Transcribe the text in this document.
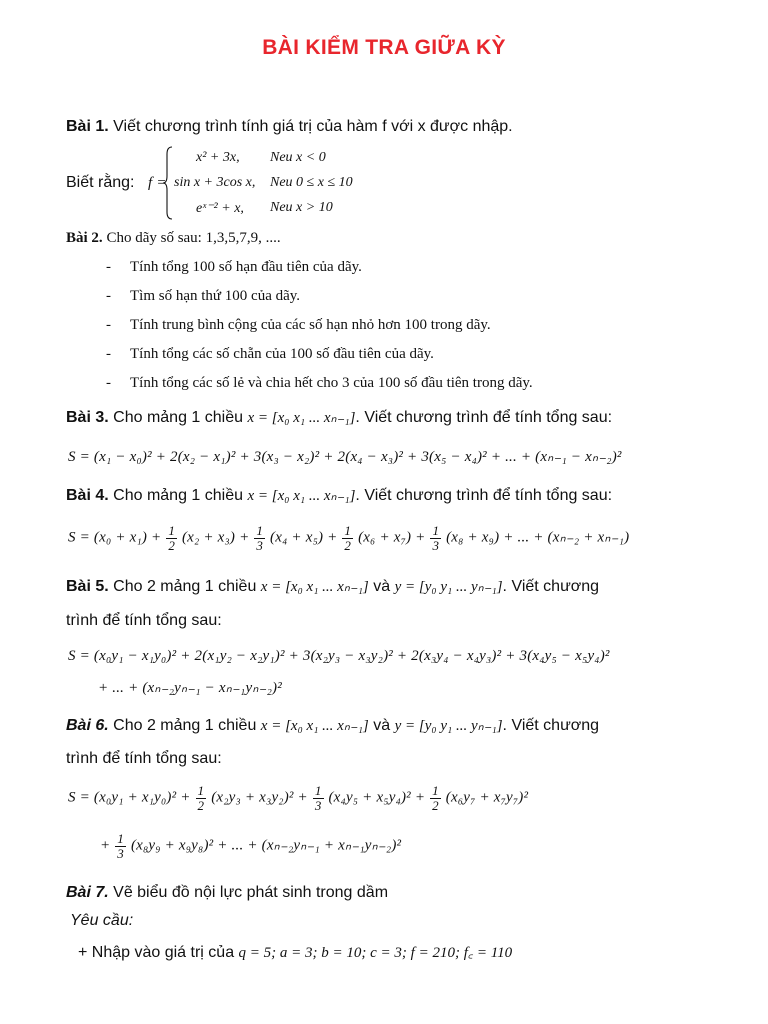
BÀI KIỂM TRA GIỮA KỲ
Bài 1. Viết chương trình tính giá trị của hàm f với x được nhập.
Biết rằng: f =
x² + 3x, Neu x < 0
sin x + 3cos x, Neu 0 ≤ x ≤ 10
eˣ⁻² + x, Neu x > 10
Bài 2. Cho dãy số sau: 1,3,5,7,9, ....
- Tính tổng 100 số hạn đầu tiên của dãy.
- Tìm số hạn thứ 100 của dãy.
- Tính trung bình cộng của các số hạn nhỏ hơn 100 trong dãy.
- Tính tổng các số chẵn của 100 số đầu tiên của dãy.
- Tính tổng các số lẻ và chia hết cho 3 của 100 số đầu tiên trong dãy.
Bài 3. Cho mảng 1 chiều x = [x₀ x₁ ... xₙ₋₁]. Viết chương trình để tính tổng sau:
S = (x₁ − x₀)² + 2(x₂ − x₁)² + 3(x₃ − x₂)² + 2(x₄ − x₃)² + 3(x₅ − x₄)² + ... + (xₙ₋₁ − xₙ₋₂)²
Bài 4. Cho mảng 1 chiều x = [x₀ x₁ ... xₙ₋₁]. Viết chương trình để tính tổng sau:
$S = (x_0 + x_1) + \frac{1}{2} (x_2 + x_3) + \frac{1}{3} (x_4 + x_5) + \frac{1}{2} (x_6 + x_7) + \frac{1}{3} (x_8 + x_9)$ + ... + (xₙ₋₂ + xₙ₋₁)
Bài 5. Cho 2 mảng 1 chiều x = [x₀ x₁ ... xₙ₋₁] và y = [y₀ y₁ ... yₙ₋₁]. Viết chương
trình để tính tổng sau:
S = (x₀y₁ − x₁y₀)² + 2(x₁y₂ − x₂y₁)² + 3(x₂y₃ − x₃y₂)² + 2(x₃y₄ − x₄y₃)² + 3(x₄y₅ − x₅y₄)²
+ ... + (xₙ₋₂yₙ₋₁ − xₙ₋₁yₙ₋₂)²
Bài 6. Cho 2 mảng 1 chiều x = [x₀ x₁ ... xₙ₋₁] và y = [y₀ y₁ ... yₙ₋₁]. Viết chương
trình để tính tổng sau:
$S = (x_0y_1 + x_1y_0)^2 + \frac{1}{2} (x_2y_3 + x_3y_2)^2 + \frac{1}{3} (x_4y_5 + x_5y_4)^2 + \frac{1}{2} (x_6y_7 + x_7y_7)^2$
+ $\frac{1}{3} (x_8y_9 + x_9y_8)^2$ + ... + (xₙ₋₂yₙ₋₁ + xₙ₋₁yₙ₋₂)²
Bài 7. Vẽ biểu đồ nội lực phát sinh trong dầm
Yêu cầu:
+ Nhập vào giá trị của q = 5; a = 3; b = 10; c = 3; f = 210; f꜀ = 110
